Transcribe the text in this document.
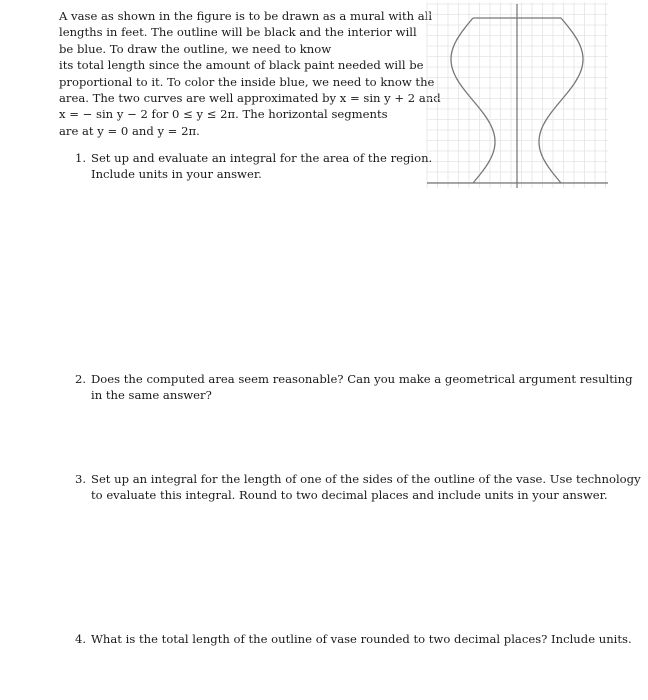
A vase as shown in the figure is to be drawn as a mural with all
lengths in feet. The outline will be black and the interior will
be blue. To draw the outline, we need to know
its total length since the amount of black paint needed will be
proportional to it. To color the inside blue, we need to know the
area. The two curves are well approximated by x = sin y + 2 and
x = − sin y − 2 for 0 ≤ y ≤ 2π. The horizontal segments
are at y = 0 and y = 2π.
1. Set up and evaluate an integral for the area of the region.
Include units in your answer.
2. Does the computed area seem reasonable? Can you make a geometrical argument resulting
in the same answer?
3. Set up an integral for the length of one of the sides of the outline of the vase. Use technology
to evaluate this integral. Round to two decimal places and include units in your answer.
4. What is the total length of the outline of vase rounded to two decimal places? Include units.
